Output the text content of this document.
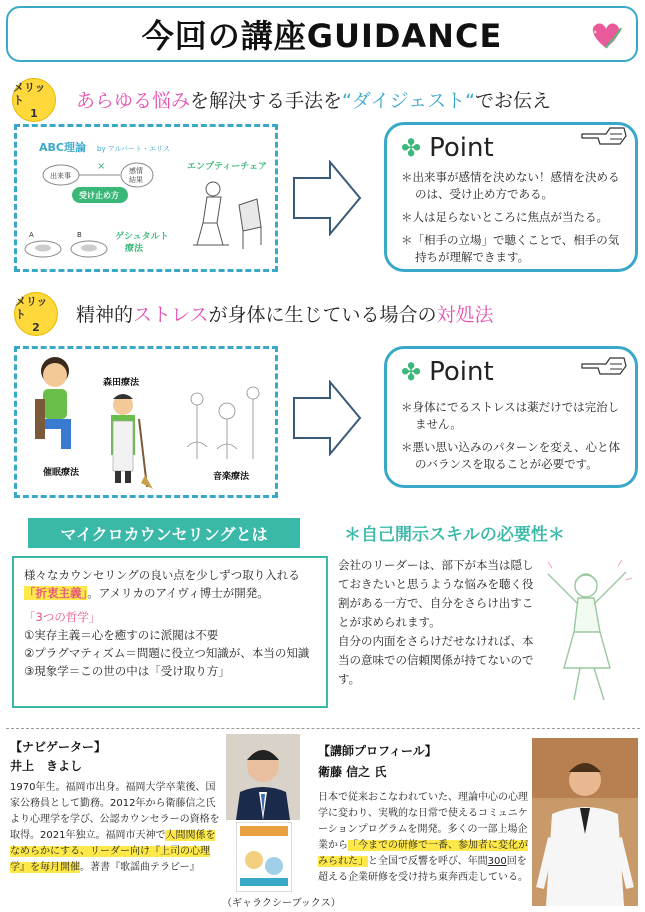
今回の講座GUIDANCE
メリット
1
あらゆる悩みを解決する手法を“ダイジェスト“でお伝え
ABC理論 by アルバート・エリス
出来事
×	感情
結果
受け止め方
エンプティーチェア
A	B	ゲシュタルト
療法
✤ Point
＊出来事が感情を決めない！感情を決めるのは、受け止め方である。
＊人は足らないところに焦点が当たる。
＊「相手の立場」で聴くことで、相手の気持ちが理解できます。
メリット
2
精神的ストレスが身体に生じている場合の対処法
催眠療法
森田療法
音楽療法
✤ Point
＊身体にでるストレスは薬だけでは完治しません。
＊悪い思い込みのパターンを変え、心と体のバランスを取ることが必要です。
マイクロカウンセリングとは
様々なカウンセリングの良い点を少しずつ取り入れる「折衷主義」。アメリカのアイヴィ博士が開発。
「3つの哲学」
①実存主義＝心を癒すのに派閥は不要
②プラグマティズム＝問題に役立つ知識が、本当の知識
③現象学＝この世の中は「受け取り方」
＊自己開示スキルの必要性＊
会社のリーダーは、部下が本当は隠しておきたいと思うような悩みを聴く役割がある一方で、自分をさらけ出すことが求められます。
自分の内面をさらけだせなければ、本当の意味での信頼関係が持てないのです。
【ナビゲーター】
井上　きよし
1970年生。福岡市出身。福岡大学卒業後、国家公務員として勤務。2012年から衛藤信之氏より心理学を学び、公認カウンセラーの資格を取得。2021年独立。福岡市天神で人間関係をなめらかにする、リーダー向け『上司の心理学』を毎月開催。著書『歌謡曲テラピー』
（ギャラクシーブックス）
【講師プロフィール】
衛藤 信之 氏
日本で従来おこなわれていた、理論中心の心理学に変わり、実戦的な日常で使えるコミュニケーションプログラムを開発。多くの一部上場企業から「今までの研修で一番、参加者に変化がみられた」と全国で反響を呼び、年間300回を超える企業研修を受け持ち東奔西走している。
